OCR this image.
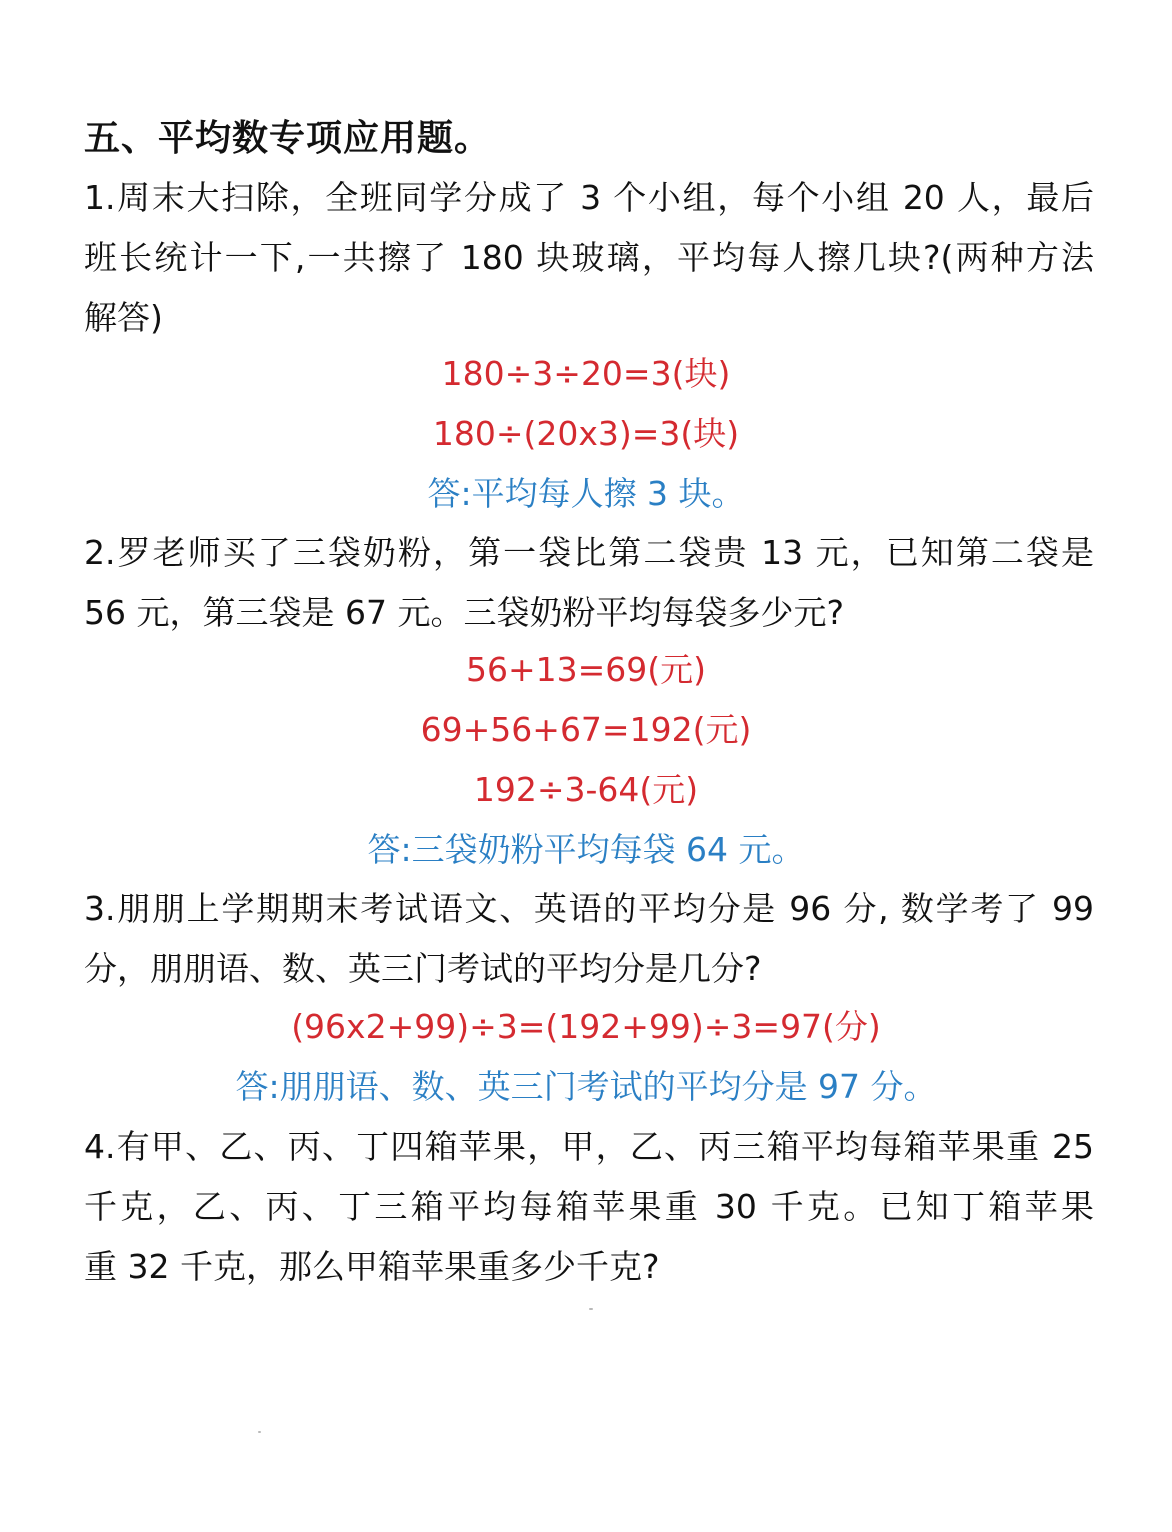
五、平均数专项应用题。
1.周末大扫除，全班同学分成了 3 个小组，每个小组 20 人，最后
班长统计一下,一共擦了 180 块玻璃，平均每人擦几块?(两种方法
解答)
180÷3÷20=3(块)
180÷(20x3)=3(块)
答:平均每人擦 3 块。
2.罗老师买了三袋奶粉，第一袋比第二袋贵 13 元，已知第二袋是
56 元，第三袋是 67 元。三袋奶粉平均每袋多少元?
56+13=69(元)
69+56+67=192(元)
192÷3-64(元)
答:三袋奶粉平均每袋 64 元。
3.朋朋上学期期末考试语文、英语的平均分是 96 分, 数学考了 99
分，朋朋语、数、英三门考试的平均分是几分?
(96x2+99)÷3=(192+99)÷3=97(分)
答:朋朋语、数、英三门考试的平均分是 97 分。
4.有甲、乙、丙、丁四箱苹果，甲，乙、丙三箱平均每箱苹果重 25
千克，乙、丙、丁三箱平均每箱苹果重 30 千克。已知丁箱苹果
重 32 千克，那么甲箱苹果重多少千克?
